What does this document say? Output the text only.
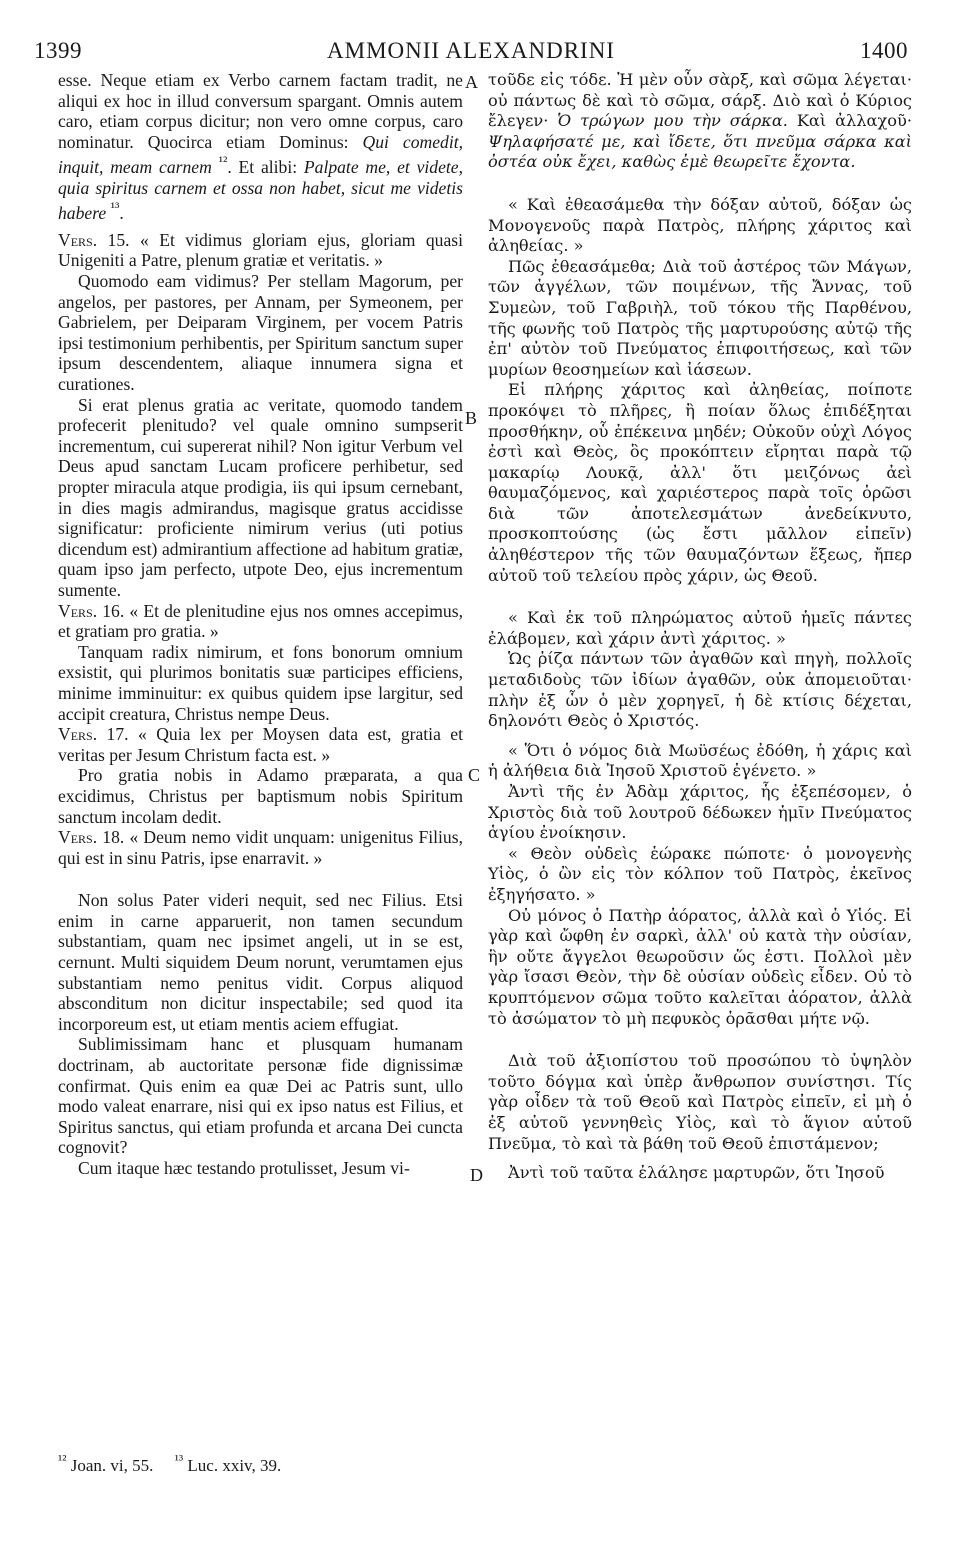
1399	AMMONII ALEXANDRINI	1400
A
B
C
D

esse. Neque etiam ex Verbo carnem factam tradit, ne aliqui ex hoc in illud conversum spargant. Omnis autem caro, etiam corpus dicitur; non vero omne corpus, caro nominatur. Quocirca etiam Dominus: Qui comedit, inquit, meam carnem $^{^{12}}$. Et alibi: Palpate me, et videte, quia spiritus carnem et ossa non habet, sicut me videtis habere $^{^{13}}$.

Vers. 15. « Et vidimus gloriam ejus, gloriam quasi Unigeniti a Patre, plenum gratiæ et veritatis. »

Quomodo eam vidimus? Per stellam Magorum, per angelos, per pastores, per Annam, per Symeonem, per Gabrielem, per Deiparam Virginem, per vocem Patris ipsi testimonium perhibentis, per Spiritum sanctum super ipsum descendentem, aliaque innumera signa et curationes.

Si erat plenus gratia ac veritate, quomodo tandem profecerit plenitudo? vel quale omnino sumpserit incrementum, cui supererat nihil? Non igitur Verbum vel Deus apud sanctam Lucam proficere perhibetur, sed propter miracula atque prodigia, iis qui ipsum cernebant, in dies magis admirandus, magisque gratus accidisse significatur: proficiente nimirum verius (uti potius dicendum est) admirantium affectione ad habitum gratiæ, quam ipso jam perfecto, utpote Deo, ejus incrementum sumente.

Vers. 16. « Et de plenitudine ejus nos omnes accepimus, et gratiam pro gratia. »

Tanquam radix nimirum, et fons bonorum omnium exsistit, qui plurimos bonitatis suæ participes efficiens, minime imminuitur: ex quibus quidem ipse largitur, sed accipit creatura, Christus nempe Deus.

Vers. 17. « Quia lex per Moysen data est, gratia et veritas per Jesum Christum facta est. »

Pro gratia nobis in Adamo præparata, a qua excidimus, Christus per baptismum nobis Spiritum sanctum incolam dedit.

Vers. 18. « Deum nemo vidit unquam: unigenitus Filius, qui est in sinu Patris, ipse enarravit. »

Non solus Pater videri nequit, sed nec Filius. Etsi enim in carne apparuerit, non tamen secundum substantiam, quam nec ipsimet angeli, ut in se est, cernunt. Multi siquidem Deum norunt, verumtamen ejus substantiam nemo penitus vidit. Corpus aliquod absconditum non dicitur inspectabile; sed quod ita incorporeum est, ut etiam mentis aciem effugiat.

Sublimissimam hanc et plusquam humanam doctrinam, ab auctoritate personæ fide dignissimæ confirmat. Quis enim ea quæ Dei ac Patris sunt, ullo modo valeat enarrare, nisi qui ex ipso natus est Filius, et Spiritus sanctus, qui etiam profunda et arcana Dei cuncta cognovit?

Cum itaque hæc testando protulisset, Jesum vi-

τοῦδε εἰς τόδε. Ἡ μὲν οὖν σὰρξ, καὶ σῶμα λέγεται· οὐ πάντως δὲ καὶ τὸ σῶμα, σάρξ. Διὸ καὶ ὁ Κύριος ἔλεγεν· Ὁ τρώγων μου τὴν σάρκα. Καὶ ἀλλαχοῦ· Ψηλαφήσατέ με, καὶ ἴδετε, ὅτι πνεῦμα σάρκα καὶ ὀστέα οὐκ ἔχει, καθὼς ἐμὲ θεωρεῖτε ἔχοντα.

« Καὶ ἐθεασάμεθα τὴν δόξαν αὐτοῦ, δόξαν ὡς Μονογενοῦς παρὰ Πατρὸς, πλήρης χάριτος καὶ ἀληθείας. »

Πῶς ἐθεασάμεθα; Διὰ τοῦ ἀστέρος τῶν Μάγων, τῶν ἀγγέλων, τῶν ποιμένων, τῆς Ἄννας, τοῦ Συμεὼν, τοῦ Γαβριὴλ, τοῦ τόκου τῆς Παρθένου, τῆς φωνῆς τοῦ Πατρὸς τῆς μαρτυρούσης αὐτῷ τῆς ἐπ' αὐτὸν τοῦ Πνεύματος ἐπιφοιτήσεως, καὶ τῶν μυρίων θεοσημείων καὶ ἰάσεων.

Εἰ πλήρης χάριτος καὶ ἀληθείας, ποίποτε προκόψει τὸ πλῆρες, ἢ ποίαν ὅλως ἐπιδέξηται προσθήκην, οὗ ἐπέκεινα μηδέν; Οὐκοῦν οὐχὶ Λόγος ἐστὶ καὶ Θεὸς, ὃς προκόπτειν εἴρηται παρὰ τῷ μακαρίῳ Λουκᾷ, ἀλλ' ὅτι μειζόνως ἀεὶ θαυμαζόμενος, καὶ χαριέστερος παρὰ τοῖς ὁρῶσι διὰ τῶν ἀποτελεσμάτων ἀνεδείκνυτο, προσκοπτούσης (ὡς ἔστι μᾶλλον εἰπεῖν) ἀληθέστερον τῆς τῶν θαυμαζόντων ἕξεως, ἤπερ αὐτοῦ τοῦ τελείου πρὸς χάριν, ὡς Θεοῦ.

« Καὶ ἐκ τοῦ πληρώματος αὐτοῦ ἡμεῖς πάντες ἐλάβομεν, καὶ χάριν ἀντὶ χάριτος. »

Ὡς ῥίζα πάντων τῶν ἀγαθῶν καὶ πηγὴ, πολλοῖς μεταδιδοὺς τῶν ἰδίων ἀγαθῶν, οὐκ ἀπομειοῦται· πλὴν ἐξ ὧν ὁ μὲν χορηγεῖ, ἡ δὲ κτίσις δέχεται, δηλονότι Θεὸς ὁ Χριστός.

« Ὅτι ὁ νόμος διὰ Μωϋσέως ἐδόθη, ἡ χάρις καὶ ἡ ἀλήθεια διὰ Ἰησοῦ Χριστοῦ ἐγένετο. »

Ἀντὶ τῆς ἐν Ἀδὰμ χάριτος, ἧς ἐξεπέσομεν, ὁ Χριστὸς διὰ τοῦ λουτροῦ δέδωκεν ἡμῖν Πνεύματος ἁγίου ἐνοίκησιν.

« Θεὸν οὐδεὶς ἑώρακε πώποτε· ὁ μονογενὴς Υἱὸς, ὁ ὢν εἰς τὸν κόλπον τοῦ Πατρὸς, ἐκεῖνος ἐξηγήσατο. »

Οὐ μόνος ὁ Πατὴρ ἀόρατος, ἀλλὰ καὶ ὁ Υἱός. Εἰ γὰρ καὶ ὤφθη ἐν σαρκὶ, ἀλλ' οὐ κατὰ τὴν οὐσίαν, ἣν οὔτε ἄγγελοι θεωροῦσιν ὥς ἐστι. Πολλοὶ μὲν γὰρ ἴσασι Θεὸν, τὴν δὲ οὐσίαν οὐδεὶς εἶδεν. Οὐ τὸ κρυπτόμενον σῶμα τοῦτο καλεῖται ἀόρατον, ἀλλὰ τὸ ἀσώματον τὸ μὴ πεφυκὸς ὁρᾶσθαι μήτε νῷ.

Διὰ τοῦ ἀξιοπίστου τοῦ προσώπου τὸ ὑψηλὸν τοῦτο δόγμα καὶ ὑπὲρ ἄνθρωπον συνίστησι. Τίς γὰρ οἶδεν τὰ τοῦ Θεοῦ καὶ Πατρὸς εἰπεῖν, εἰ μὴ ὁ ἐξ αὐτοῦ γεννηθεὶς Υἱὸς, καὶ τὸ ἅγιον αὐτοῦ Πνεῦμα, τὸ καὶ τὰ βάθη τοῦ Θεοῦ ἐπιστάμενον;

Ἀντὶ τοῦ ταῦτα ἐλάλησε μαρτυρῶν, ὅτι Ἰησοῦ

$^{^{12}}$ Joan. vi, 55. $^{^{13}}$ Luc. xxiv, 39.
